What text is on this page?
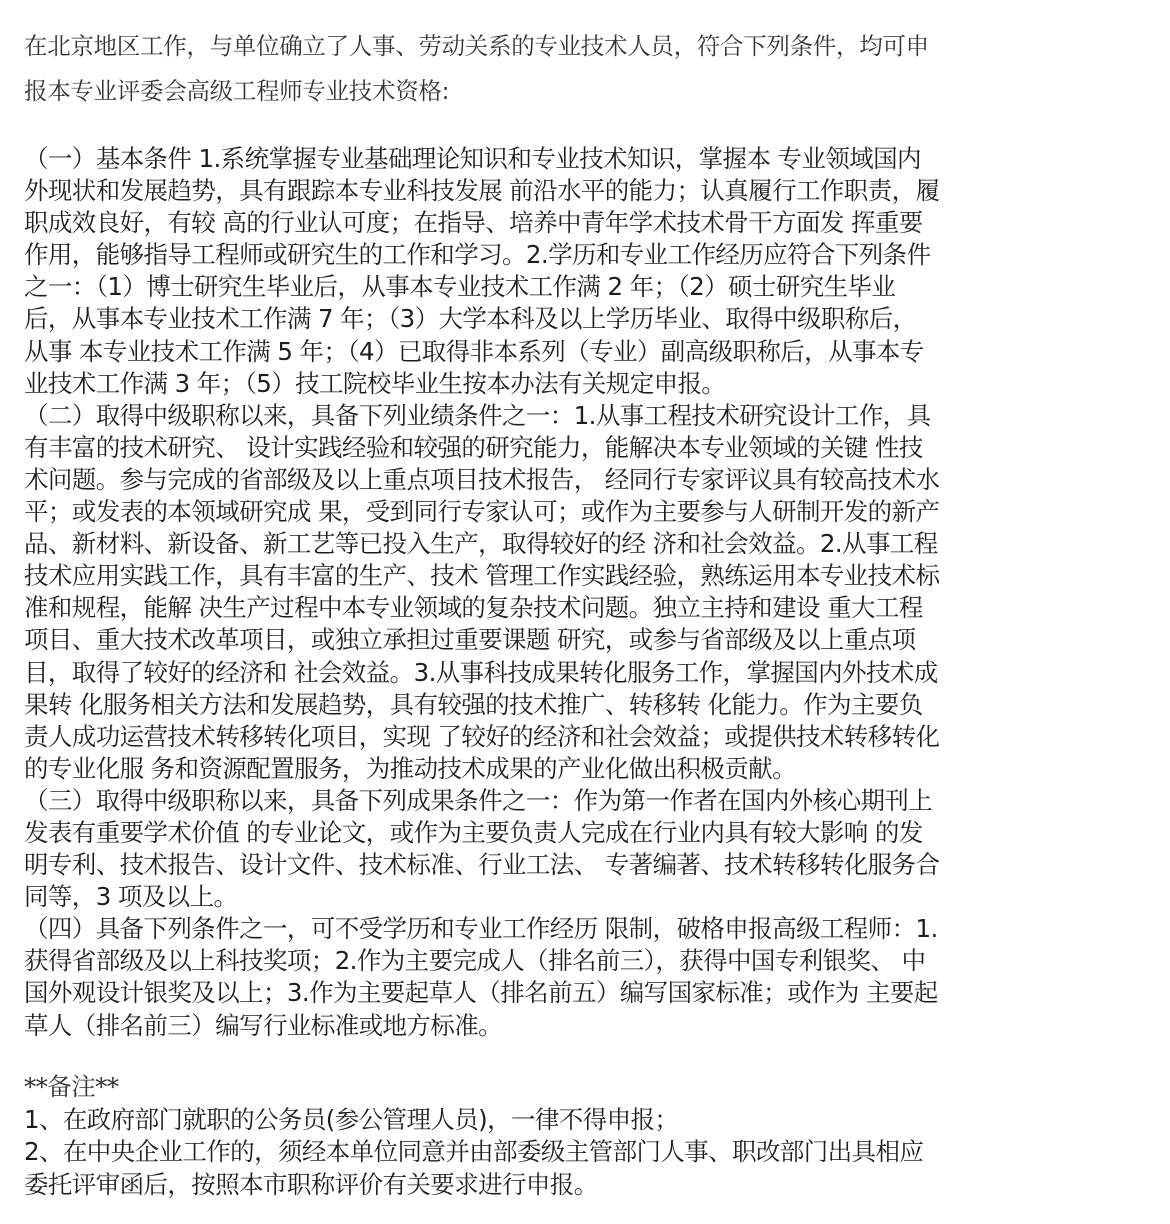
在北京地区工作，与单位确立了人事、劳动关系的专业技术人员，符合下列条件，均可申
报本专业评委会高级工程师专业技术资格:
（一）基本条件 1.系统掌握专业基础理论知识和专业技术知识，掌握本 专业领域国内
外现状和发展趋势，具有跟踪本专业科技发展 前沿水平的能力；认真履行工作职责，履
职成效良好，有较 高的行业认可度；在指导、培养中青年学术技术骨干方面发 挥重要
作用，能够指导工程师或研究生的工作和学习。2.学历和专业工作经历应符合下列条件
之一：（1）博士研究生毕业后，从事本专业技术工作满 2 年；（2）硕士研究生毕业
后，从事本专业技术工作满 7 年；（3）大学本科及以上学历毕业、取得中级职称后，
从事 本专业技术工作满 5 年；（4）已取得非本系列（专业）副高级职称后，从事本专
业技术工作满 3 年；（5）技工院校毕业生按本办法有关规定申报。
（二）取得中级职称以来，具备下列业绩条件之一：1.从事工程技术研究设计工作，具
有丰富的技术研究、 设计实践经验和较强的研究能力，能解决本专业领域的关键 性技
术问题。参与完成的省部级及以上重点项目技术报告， 经同行专家评议具有较高技术水
平；或发表的本领域研究成 果，受到同行专家认可；或作为主要参与人研制开发的新产
品、新材料、新设备、新工艺等已投入生产，取得较好的经 济和社会效益。2.从事工程
技术应用实践工作，具有丰富的生产、技术 管理工作实践经验，熟练运用本专业技术标
准和规程，能解 决生产过程中本专业领域的复杂技术问题。独立主持和建设 重大工程
项目、重大技术改革项目，或独立承担过重要课题 研究，或参与省部级及以上重点项
目，取得了较好的经济和 社会效益。3.从事科技成果转化服务工作，掌握国内外技术成
果转 化服务相关方法和发展趋势，具有较强的技术推广、转移转 化能力。作为主要负
责人成功运营技术转移转化项目，实现 了较好的经济和社会效益；或提供技术转移转化
的专业化服 务和资源配置服务，为推动技术成果的产业化做出积极贡献。
（三）取得中级职称以来，具备下列成果条件之一：作为第一作者在国内外核心期刊上
发表有重要学术价值 的专业论文，或作为主要负责人完成在行业内具有较大影响 的发
明专利、技术报告、设计文件、技术标准、行业工法、 专著编著、技术转移转化服务合
同等，3 项及以上。
（四）具备下列条件之一，可不受学历和专业工作经历 限制，破格申报高级工程师：1.
获得省部级及以上科技奖项；2.作为主要完成人（排名前三），获得中国专利银奖、 中
国外观设计银奖及以上；3.作为主要起草人（排名前五）编写国家标准；或作为 主要起
草人（排名前三）编写行业标准或地方标准。
**备注**
1、在政府部门就职的公务员(参公管理人员)，一律不得申报；
2、在中央企业工作的，须经本单位同意并由部委级主管部门人事、职改部门出具相应
委托评审函后，按照本市职称评价有关要求进行申报。
